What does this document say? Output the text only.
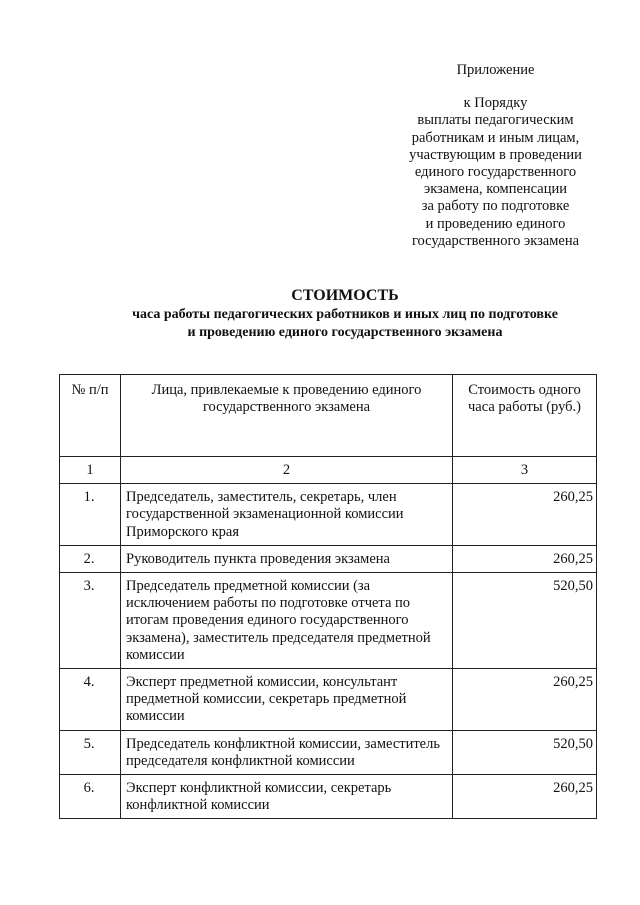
Приложение
к Порядку
выплаты педагогическим
работникам и иным лицам,
участвующим в проведении
единого государственного
экзамена, компенсации
за работу по подготовке
и проведению единого
государственного экзамена
СТОИМОСТЬ
часа работы педагогических работников и иных лиц по подготовке
и проведению единого государственного экзамена
№ п/п	Лица, привлекаемые к проведению единого государственного экзамена	Стоимость одного часа работы (руб.)
1	2	3
1.	Председатель, заместитель, секретарь, член государственной экзаменационной комиссии Приморского края	260,25
2.	Руководитель пункта проведения экзамена	260,25
3.	Председатель предметной комиссии (за исключением работы по подготовке отчета по итогам проведения единого государственного экзамена), заместитель председателя предметной комиссии	520,50
4.	Эксперт предметной комиссии, консультант предметной комиссии, секретарь предметной комиссии	260,25
5.	Председатель конфликтной комиссии, заместитель председателя конфликтной комиссии	520,50
6.	Эксперт конфликтной комиссии, секретарь конфликтной комиссии	260,25
